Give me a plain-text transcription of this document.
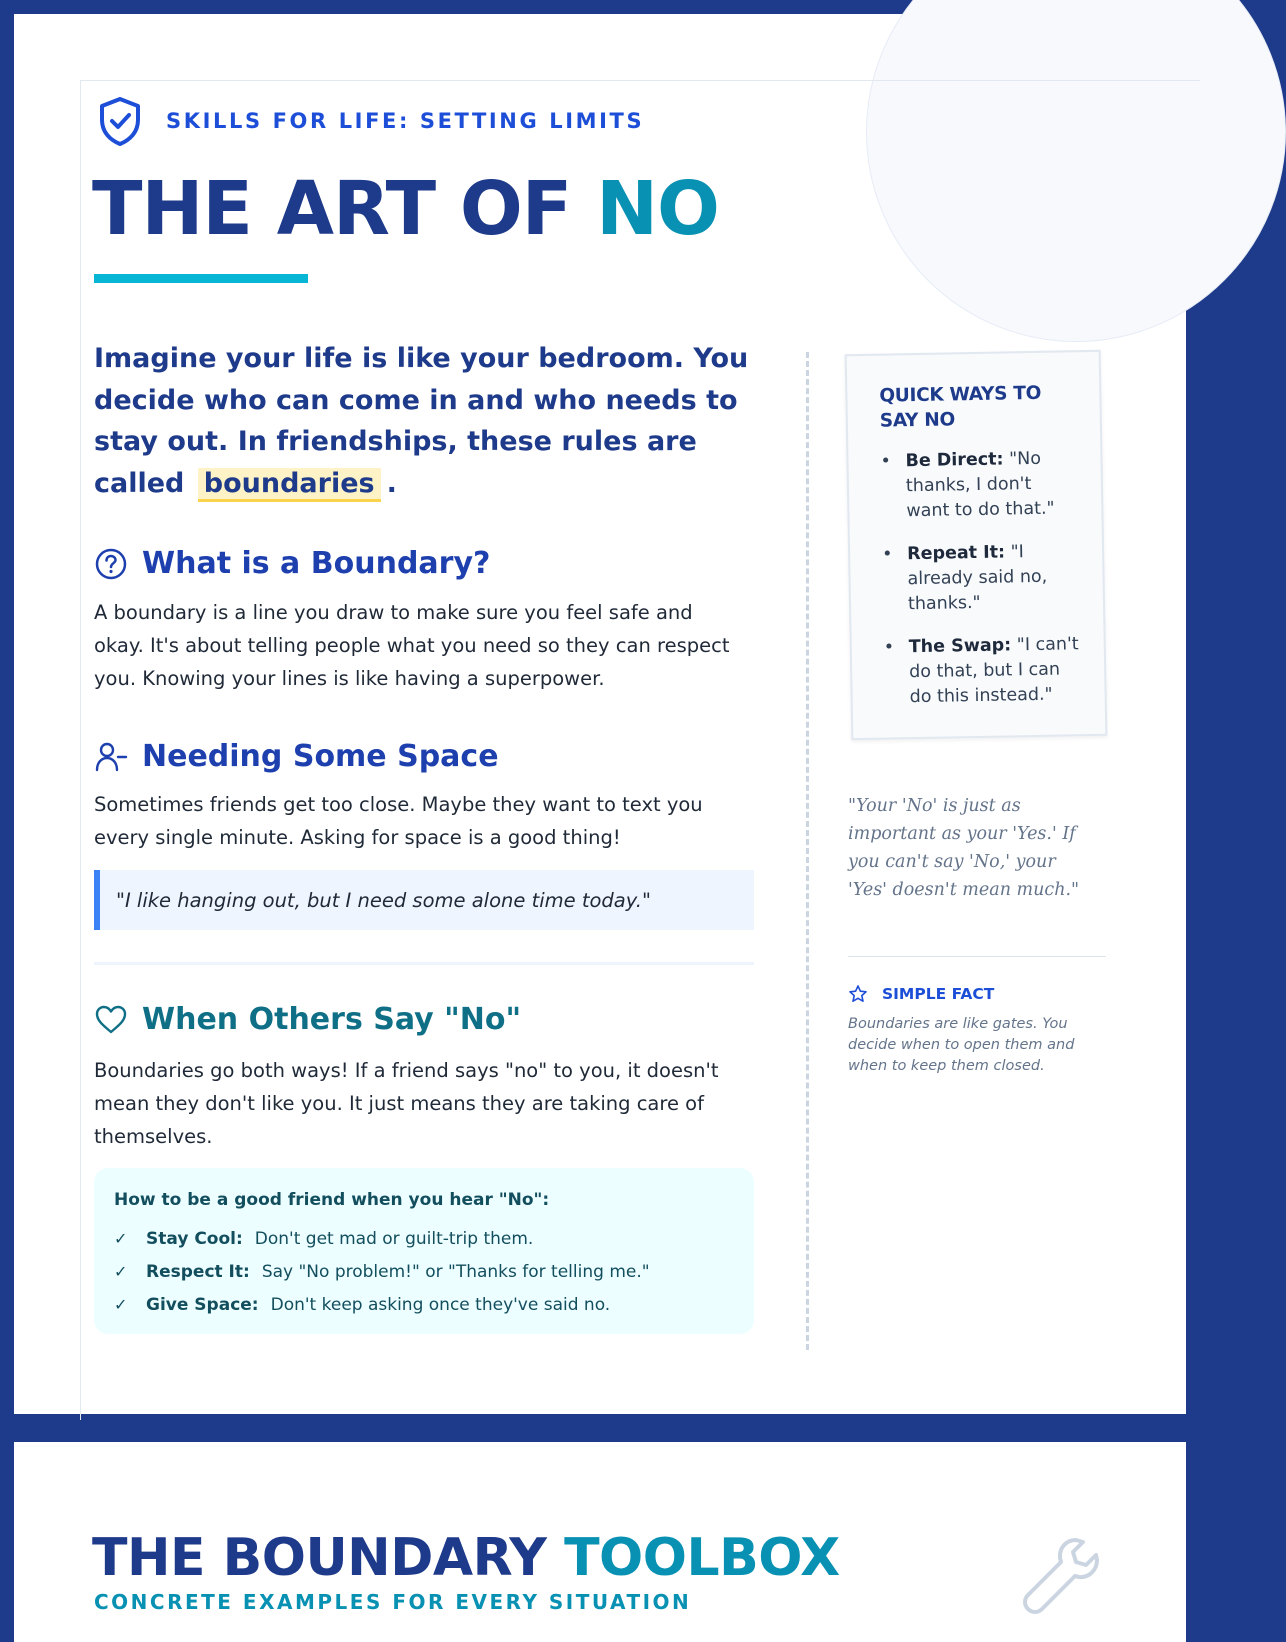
SKILLS FOR LIFE: SETTING LIMITS
THE ART OF NO

Imagine your life is like your bedroom. You decide who can come in and who needs to stay out. In friendships, these rules are called boundaries .

What is a Boundary?

A boundary is a line you draw to make sure you feel safe and okay. It's about telling people what you need so they can respect you. Knowing your lines is like having a superpower.

Needing Some Space

Sometimes friends get too close. Maybe they want to text you every single minute. Asking for space is a good thing!

"I like hanging out, but I need some alone time today."
When Others Say "No"

Boundaries go both ways! If a friend says "no" to you, it doesn't mean they don't like you. It just means they are taking care of themselves.

How to be a good friend when you hear "No":
✓ Stay Cool: Don't get mad or guilt-trip them.
✓ Respect It: Say "No problem!" or "Thanks for telling me."
✓ Give Space: Don't keep asking once they've said no.
QUICK WAYS TO SAY NO
• Be Direct: "No thanks, I don't want to do that."
• Repeat It: "I already said no, thanks."
• The Swap: "I can't do that, but I can do this instead."

"Your 'No' is just as important as your 'Yes.' If you can't say 'No,' your 'Yes' doesn't mean much."

SIMPLE FACT

Boundaries are like gates. You decide when to open them and when to keep them closed.

THE BOUNDARY TOOLBOX
CONCRETE EXAMPLES FOR EVERY SITUATION
